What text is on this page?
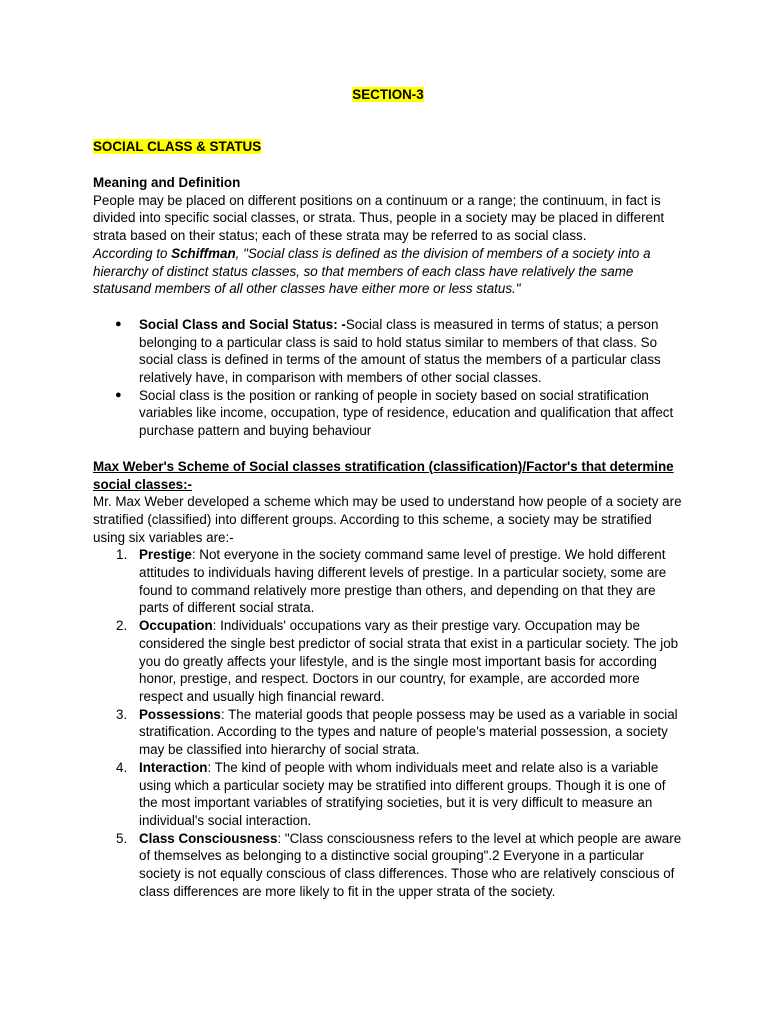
SECTION-3
SOCIAL CLASS & STATUS
Meaning and Definition

People may be placed on different positions on a continuum or a range; the continuum, in fact is divided into specific social classes, or strata. Thus, people in a society may be placed in different strata based on their status; each of these strata may be referred to as social class.

According to Schiffman, "Social class is defined as the division of members of a society into a hierarchy of distinct status classes, so that members of each class have relatively the same statusand members of all other classes have either more or less status."

● Social Class and Social Status: -Social class is measured in terms of status; a person belonging to a particular class is said to hold status similar to members of that class. So social class is defined in terms of the amount of status the members of a particular class relatively have, in comparison with members of other social classes.
● Social class is the position or ranking of people in society based on social stratification variables like income, occupation, type of residence, education and qualification that affect purchase pattern and buying behaviour
Max Weber's Scheme of Social classes stratification (classification)/Factor's that determine social classes:-

Mr. Max Weber developed a scheme which may be used to understand how people of a society are stratified (classified) into different groups. According to this scheme, a society may be stratified using six variables are:-

1. Prestige: Not everyone in the society command same level of prestige. We hold different attitudes to individuals having different levels of prestige. In a particular society, some are found to command relatively more prestige than others, and depending on that they are parts of different social strata.
2. Occupation: Individuals' occupations vary as their prestige vary. Occupation may be considered the single best predictor of social strata that exist in a particular society. The job you do greatly affects your lifestyle, and is the single most important basis for according honor, prestige, and respect. Doctors in our country, for example, are accorded more respect and usually high financial reward.
3. Possessions: The material goods that people possess may be used as a variable in social stratification. According to the types and nature of people's material possession, a society may be classified into hierarchy of social strata.
4. Interaction: The kind of people with whom individuals meet and relate also is a variable using which a particular society may be stratified into different groups. Though it is one of the most important variables of stratifying societies, but it is very difficult to measure an individual's social interaction.
5. Class Consciousness: "Class consciousness refers to the level at which people are aware of themselves as belonging to a distinctive social grouping".2 Everyone in a particular society is not equally conscious of class differences. Those who are relatively conscious of class differences are more likely to fit in the upper strata of the society.
